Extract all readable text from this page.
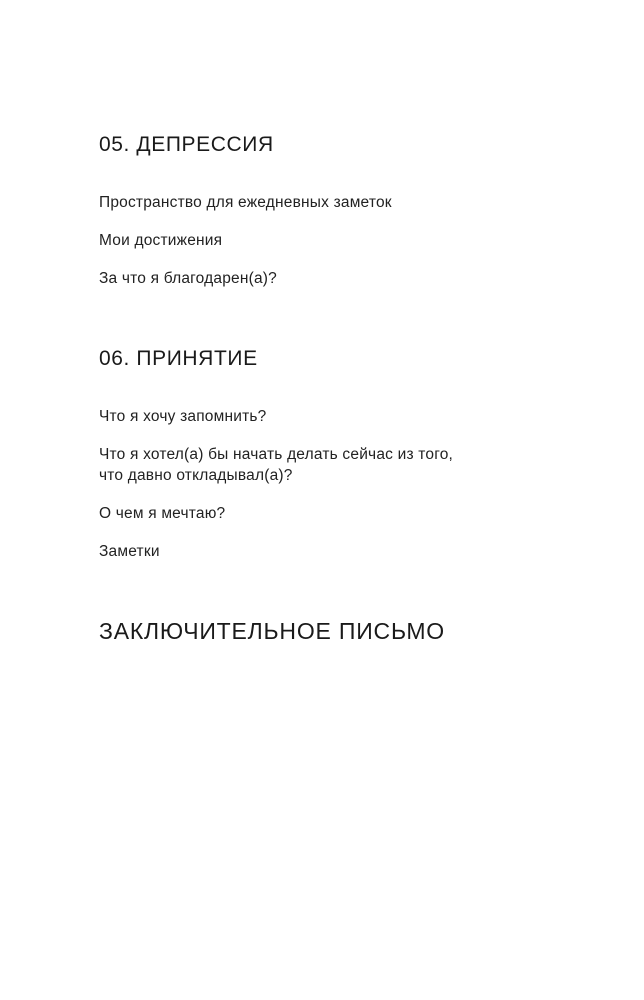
05. ДЕПРЕССИЯ

Пространство для ежедневных заметок

Мои достижения

За что я благодарен(а)?

06. ПРИНЯТИЕ

Что я хочу запомнить?

Что я хотел(а) бы начать делать сейчас из того,
что давно откладывал(а)?

О чем я мечтаю?

Заметки

ЗАКЛЮЧИТЕЛЬНОЕ ПИСЬМО
